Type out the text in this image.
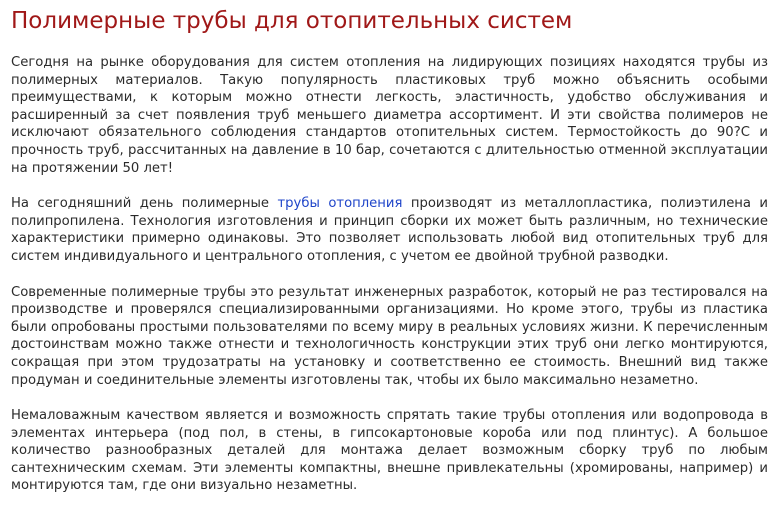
Полимерные трубы для отопительных систем

Сегодня на рынке оборудования для систем отопления на лидирующих позициях находятся трубы из полимерных материалов. Такую популярность пластиковых труб можно объяснить особыми преимуществами, к которым можно отнести легкость, эластичность, удобство обслуживания и расширенный за счет появления труб меньшего диаметра ассортимент. И эти свойства полимеров не исключают обязательного соблюдения стандартов отопительных систем. Термостойкость до 90?С и прочность труб, рассчитанных на давление в 10 бар, сочетаются с длительностью отменной эксплуатации на протяжении 50 лет!

На сегодняшний день полимерные трубы отопления производят из металлопластика, полиэтилена и полипропилена. Технология изготовления и принцип сборки их может быть различным, но технические характеристики примерно одинаковы. Это позволяет использовать любой вид отопительных труб для систем индивидуального и центрального отопления, с учетом ее двойной трубной разводки.

Современные полимерные трубы это результат инженерных разработок, который не раз тестировался на производстве и проверялся специализированными организациями. Но кроме этого, трубы из пластика были опробованы простыми пользователями по всему миру в реальных условиях жизни. К перечисленным достоинствам можно также отнести и технологичность конструкции этих труб они легко монтируются, сокращая при этом трудозатраты на установку и соответственно ее стоимость. Внешний вид также продуман и соединительные элементы изготовлены так, чтобы их было максимально незаметно.

Немаловажным качеством является и возможность спрятать такие трубы отопления или водопровода в элементах интерьера (под пол, в стены, в гипсокартоновые короба или под плинтус). А большое количество разнообразных деталей для монтажа делает возможным сборку труб по любым сантехническим схемам. Эти элементы компактны, внешне привлекательны (хромированы, например) и монтируются там, где они визуально незаметны.
